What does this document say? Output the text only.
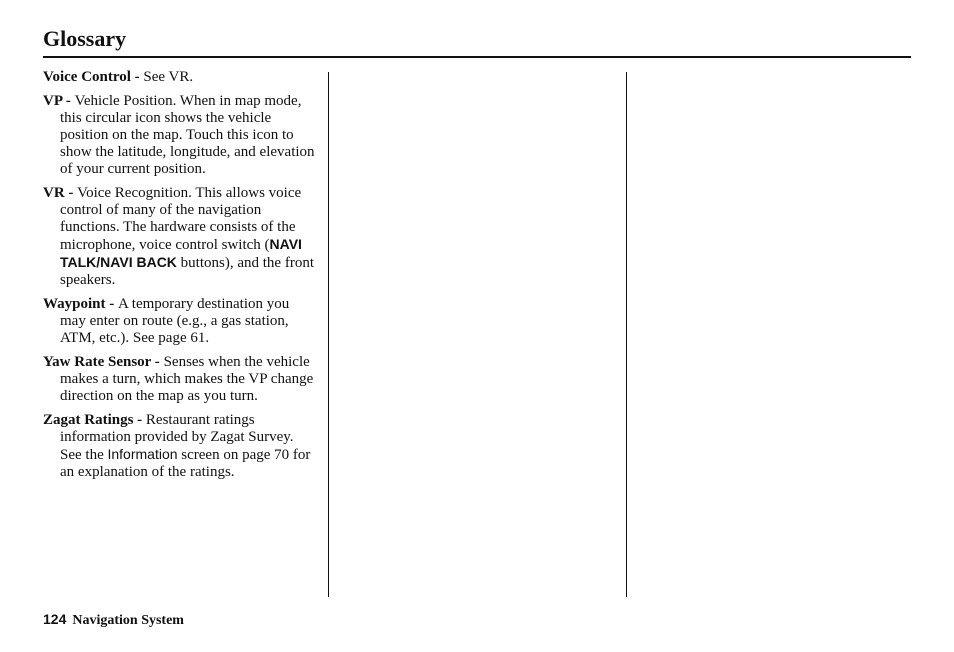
Glossary

Voice Control - See VR.

VP - Vehicle Position. When in map mode, this circular icon shows the vehicle position on the map. Touch this icon to show the latitude, longitude, and elevation of your current position.

VR - Voice Recognition. This allows voice control of many of the navigation functions. The hardware consists of the microphone, voice control switch (NAVI TALK/NAVI BACK buttons), and the front speakers.

Waypoint - A temporary destination you may enter on route (e.g., a gas station, ATM, etc.). See page 61.

Yaw Rate Sensor - Senses when the vehicle makes a turn, which makes the VP change direction on the map as you turn.

Zagat Ratings - Restaurant ratings information provided by Zagat Survey. See the Information screen on page 70 for an explanation of the ratings.

124 Navigation System
